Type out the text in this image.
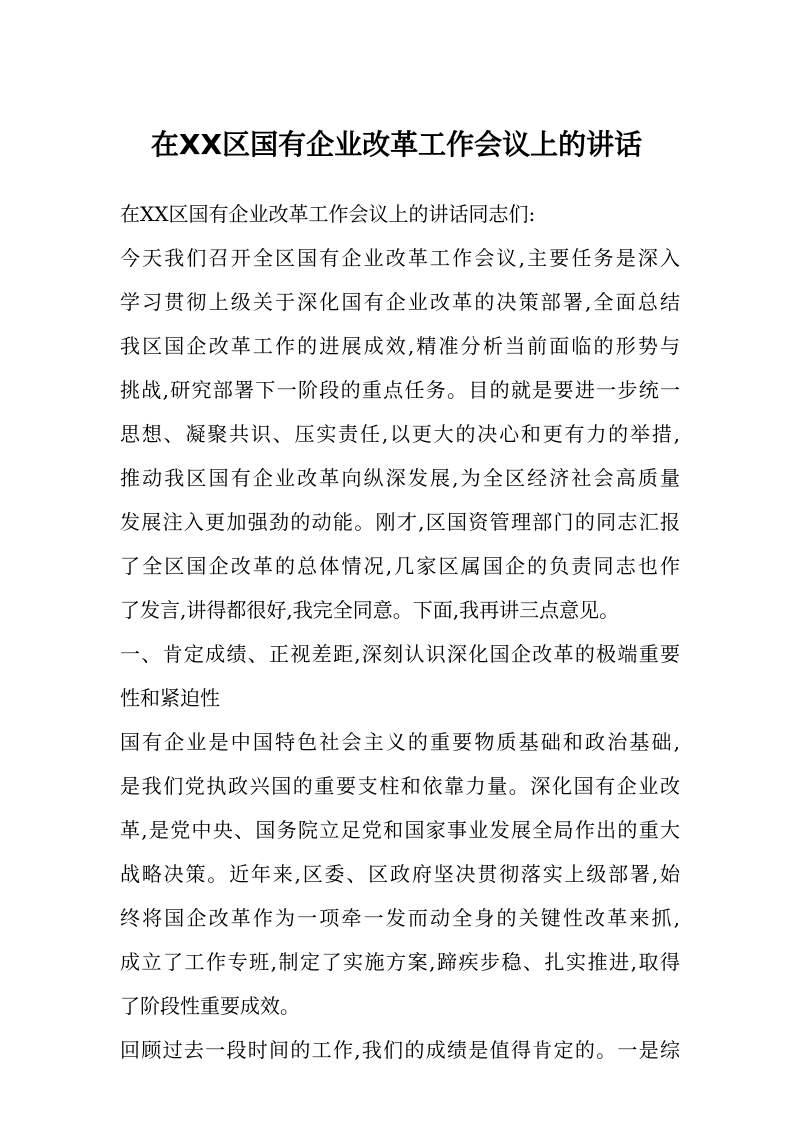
在XX区国有企业改革工作会议上的讲话
在XX区国有企业改革工作会议上的讲话同志们:
今天我们召开全区国有企业改革工作会议,主要任务是深入
学习贯彻上级关于深化国有企业改革的决策部署,全面总结
我区国企改革工作的进展成效,精准分析当前面临的形势与
挑战,研究部署下一阶段的重点任务。目的就是要进一步统一
思想、凝聚共识、压实责任,以更大的决心和更有力的举措,
推动我区国有企业改革向纵深发展,为全区经济社会高质量
发展注入更加强劲的动能。刚才,区国资管理部门的同志汇报
了全区国企改革的总体情况,几家区属国企的负责同志也作
了发言,讲得都很好,我完全同意。下面,我再讲三点意见。
一、肯定成绩、正视差距,深刻认识深化国企改革的极端重要
性和紧迫性
国有企业是中国特色社会主义的重要物质基础和政治基础,
是我们党执政兴国的重要支柱和依靠力量。深化国有企业改
革,是党中央、国务院立足党和国家事业发展全局作出的重大
战略决策。近年来,区委、区政府坚决贯彻落实上级部署,始
终将国企改革作为一项牵一发而动全身的关键性改革来抓,
成立了工作专班,制定了实施方案,蹄疾步稳、扎实推进,取得
了阶段性重要成效。
回顾过去一段时间的工作,我们的成绩是值得肯定的。一是综
